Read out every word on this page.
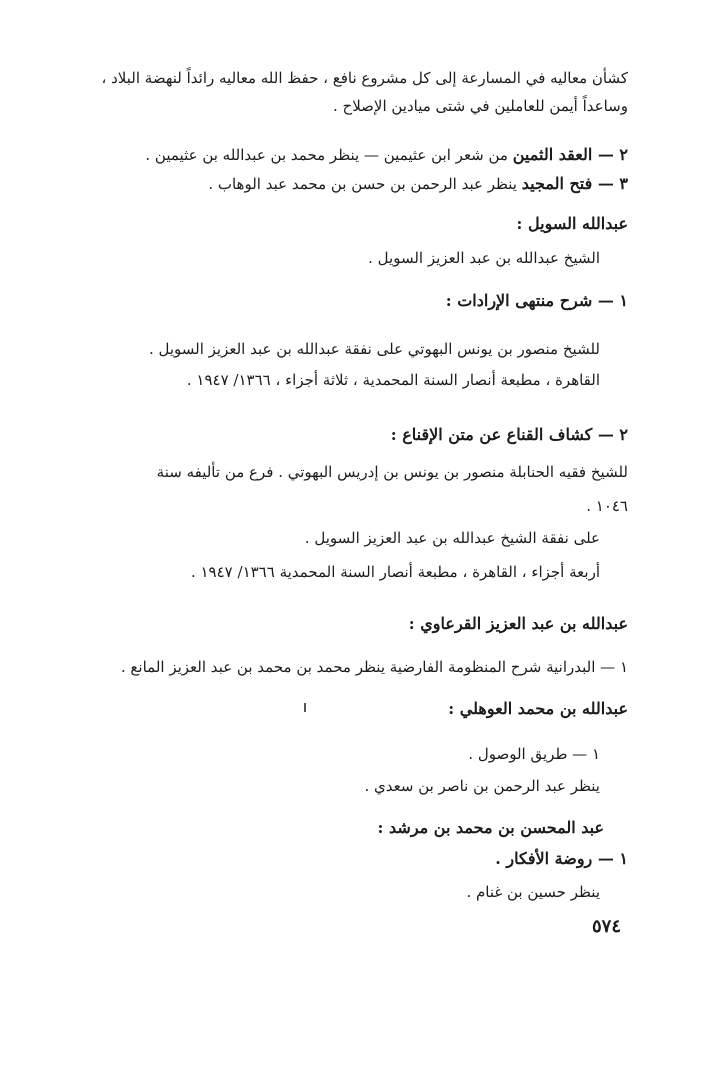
كشأن معاليه في المسارعة إلى كل مشروع نافع ، حفظ الله معاليه رائداً لنهضة البلاد ،
وساعداً أيمن للعاملين في شتى ميادين الإصلاح .
٢ — العقد الثمين من شعر ابن عثيمين — ينظر محمد بن عبدالله بن عثيمين .
٣ — فتح المجيد ينظر عبد الرحمن بن حسن بن محمد عبد الوهاب .
عبدالله السويل :
الشيخ عبدالله بن عبد العزيز السويل .
١ — شرح منتهى الإرادات :
للشيخ منصور بن يونس البهوتي على نفقة عبدالله بن عبد العزيز السويل .
القاهرة ، مطبعة أنصار السنة المحمدية ، ثلاثة أجزاء ، ١٣٦٦/ ١٩٤٧ .
٢ — كشاف القناع عن متن الإقناع :
للشيخ فقيه الحنابلة منصور بن يونس بن إدريس البهوتي . فرع من تأليفه سنة
١٠٤٦ .
على نفقة الشيخ عبدالله بن عبد العزيز السويل .
أربعة أجزاء ، القاهرة ، مطبعة أنصار السنة المحمدية ١٣٦٦/ ١٩٤٧ .
عبدالله بن عبد العزيز القرعاوي :
١ — البدرانية شرح المنظومة الفارضية ينظر محمد بن محمد بن عبد العزيز المانع .
عبدالله بن محمد العوهلي :
١ — طريق الوصول .
ينظر عبد الرحمن بن ناصر بن سعدي .
عبد المحسن بن محمد بن مرشد :
١ — روضة الأفكار .
ينظر حسين بن غنام .
٥٧٤
